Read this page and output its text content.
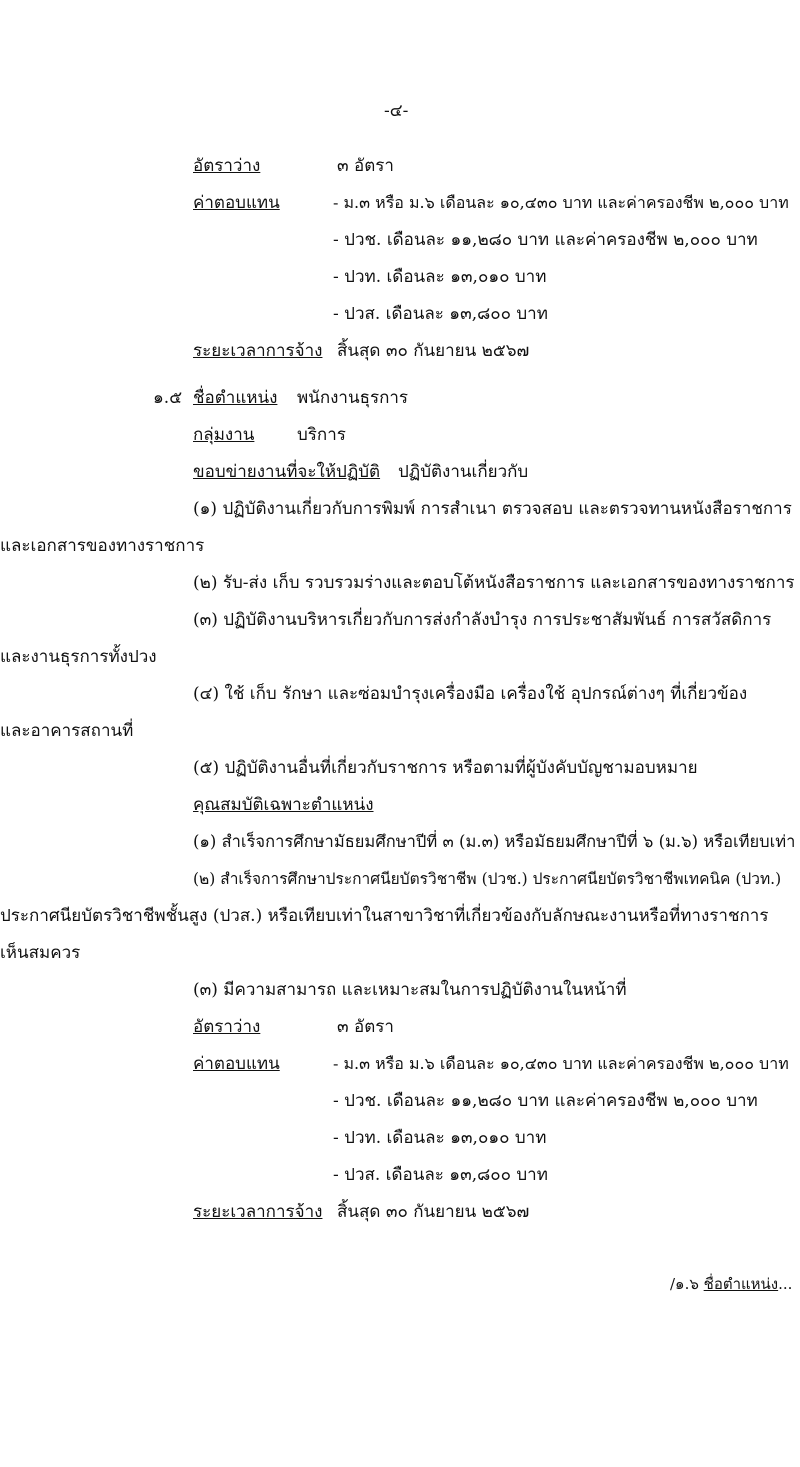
-๔-
อัตราว่าง	๓ อัตรา
ค่าตอบแทน	- ม.๓ หรือ ม.๖ เดือนละ ๑๐,๔๓๐ บาท และค่าครองชีพ ๒,๐๐๐ บาท
- ปวช. เดือนละ ๑๑,๒๘๐ บาท และค่าครองชีพ ๒,๐๐๐ บาท
- ปวท. เดือนละ ๑๓,๐๑๐ บาท
- ปวส. เดือนละ ๑๓,๘๐๐ บาท
ระยะเวลาการจ้าง สิ้นสุด ๓๐ กันยายน ๒๕๖๗
๑.๕ ชื่อตำแหน่ง พนักงานธุรการ
กลุ่มงาน	บริการ
ขอบข่ายงานที่จะให้ปฏิบัติ ปฏิบัติงานเกี่ยวกับ
(๑) ปฏิบัติงานเกี่ยวกับการพิมพ์ การสำเนา ตรวจสอบ และตรวจทานหนังสือราชการ
และเอกสารของทางราชการ
(๒) รับ-ส่ง เก็บ รวบรวมร่างและตอบโต้หนังสือราชการ และเอกสารของทางราชการ
(๓) ปฏิบัติงานบริหารเกี่ยวกับการส่งกำลังบำรุง การประชาสัมพันธ์ การสวัสดิการ
และงานธุรการทั้งปวง
(๔) ใช้ เก็บ รักษา และซ่อมบำรุงเครื่องมือ เครื่องใช้ อุปกรณ์ต่างๆ ที่เกี่ยวข้อง
และอาคารสถานที่
(๕) ปฏิบัติงานอื่นที่เกี่ยวกับราชการ หรือตามที่ผู้บังคับบัญชามอบหมาย
คุณสมบัติเฉพาะตำแหน่ง
(๑) สำเร็จการศึกษามัธยมศึกษาปีที่ ๓ (ม.๓) หรือมัธยมศึกษาปีที่ ๖ (ม.๖) หรือเทียบเท่า
(๒) สำเร็จการศึกษาประกาศนียบัตรวิชาชีพ (ปวช.) ประกาศนียบัตรวิชาชีพเทคนิค (ปวท.)
ประกาศนียบัตรวิชาชีพชั้นสูง (ปวส.) หรือเทียบเท่าในสาขาวิชาที่เกี่ยวข้องกับลักษณะงานหรือที่ทางราชการ
เห็นสมควร
(๓) มีความสามารถ และเหมาะสมในการปฏิบัติงานในหน้าที่
อัตราว่าง	๓ อัตรา
ค่าตอบแทน	- ม.๓ หรือ ม.๖ เดือนละ ๑๐,๔๓๐ บาท และค่าครองชีพ ๒,๐๐๐ บาท
- ปวช. เดือนละ ๑๑,๒๘๐ บาท และค่าครองชีพ ๒,๐๐๐ บาท
- ปวท. เดือนละ ๑๓,๐๑๐ บาท
- ปวส. เดือนละ ๑๓,๘๐๐ บาท
ระยะเวลาการจ้าง สิ้นสุด ๓๐ กันยายน ๒๕๖๗
/๑.๖ ชื่อตำแหน่ง...
